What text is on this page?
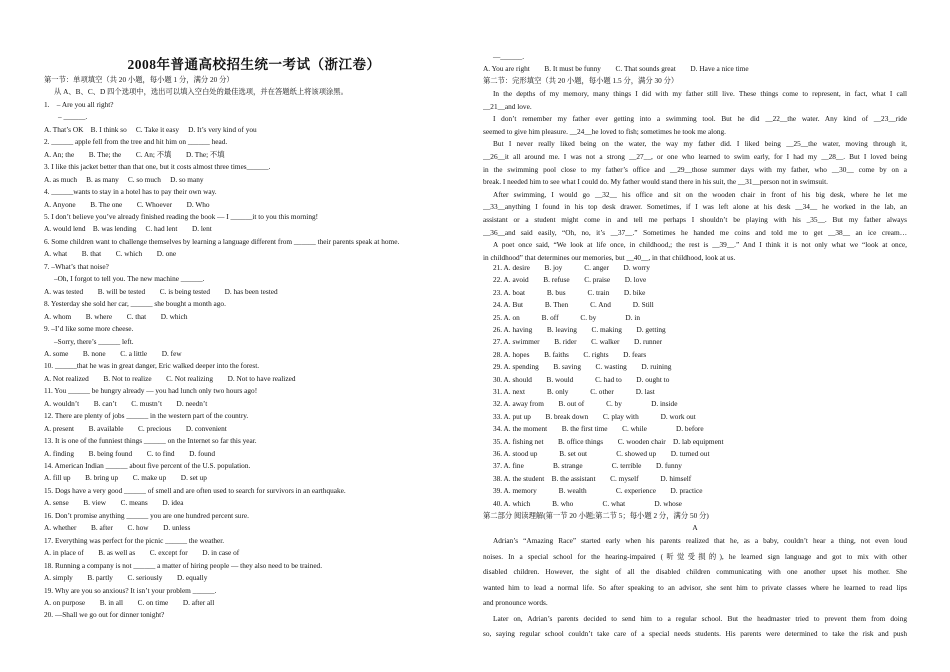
2008年普通高校招生统一考试（浙江卷）
第一节：单项填空（共 20 小题，每小题 1 分，满分 20 分）
从 A、B、C、D 四个选项中，选出可以填入空白处的最佳选项，并在答题纸上将该项涂黑。
1.　– Are you all right?
– ______.
A. That’s OK　B. I think so　 C. Take it easy　 D. It’s very kind of you
2. ______ apple fell from the tree and hit him on ______ head.
A. An; the　　B. The; the　　C. An; 不填　　D. The; 不填
3. I like this jacket better than that one, but it costs almost three times______.
A. as much　 B. as many　 C. so much　 D. so many
4. ______wants to stay in a hotel has to pay their own way.
A. Anyone　　B. The one　　C. Whoever　　D. Who
5. I don’t believe you’ve already finished reading the book — I ______it to you this morning!
A. would lend　B. was lending　 C. had lent　　D. lent
6. Some children want to challenge themselves by learning a language different from ______ their parents speak at home.
A. what　　B. that　　C. which　　D. one
7. –What’s that noise?
–Oh, I forgot to tell you. The new machine ______.
A. was tested　　B. will be tested　　C. is being tested　　D. has been tested
8. Yesterday she sold her car, ______ she bought a month ago.
A. whom　　B. where　　C. that　　D. which
9. –I’d like some more cheese.
–Sorry, there’s ______ left.
A. some　　B. none　　C. a little　　D. few
10. ______that he was in great danger, Eric walked deeper into the forest.
A. Not realized　　B. Not to realize　　C. Not realizing　　D. Not to have realized
11. You ______ be hungry already — you had lunch only two hours ago!
A. wouldn’t　　B. can’t　　C. mustn’t　　D. needn’t
12. There are plenty of jobs ______ in the western part of the country.
A. present　　B. available　　C. precious　　D. convenient
13. It is one of the funniest things ______ on the Internet so far this year.
A. finding　　B. being found　　C. to find　　D. found
14. American Indian ______ about five percent of the U.S. population.
A. fill up　　B. bring up　　C. make up　　D. set up
15. Dogs have a very good ______ of smell and are often used to search for survivors in an earthquake.
A. sense　　B. view　　C. means　　D. idea
16. Don’t promise anything ______ you are one hundred percent sure.
A. whether　　B. after　　C. how　　D. unless
17. Everything was perfect for the picnic ______ the weather.
A. in place of　　B. as well as　　C. except for　　D. in case of
18. Running a company is not ______ a matter of hiring people — they also need to be trained.
A. simply　　B. partly　　C. seriously　　D. equally
19. Why are you so anxious? It isn’t your problem ______.
A. on purpose　　B. in all　　C. on time　　D. after all
20. —Shall we go out for dinner tonight?
—______.
A. You are right　　B. It must be funny　　C. That sounds great　　D. Have a nice time
第二节：完形填空（共 20 小题，每小题 1.5 分，满分 30 分）
In the depths of my memory, many things I did with my father still live. These things come to represent, in fact, what I call
__21__and love.
I don’t remember my father ever getting into a swimming tool. But he did __22__the water. Any kind of __23__ride
seemed to give him pleasure. __24__he loved to fish; sometimes he took me along.
But I never really liked being on the water, the way my father did. I liked being __25__the water, moving through it,
__26__it all around me. I was not a strong __27__, or one who learned to swim early, for I had my __28__. But I loved being
in the swimming pool close to my father’s office and __29__those summer days with my father, who __30__ come by on a
break. I needed him to see what I could do. My father would stand there in his suit, the __31__person not in swimsuit.
After swimming, I would go __32__ his office and sit on the wooden chair in front of his big desk, where he let me
__33__anything I found in his top desk drawer. Sometimes, if I was left alone at his desk __34__ he worked in the lab, an
assistant or a student might come in and tell me perhaps I shouldn’t be playing with his _35__. But my father always
__36__and said easily, “Oh, no, it’s __37__.” Sometimes he handed me coins and told me to get __38__ an ice cream…
A poet once said, “We look at life once, in childhood,; the rest is __39__.” And I think it is not only what we “look at once,
in childhood” that determines our memories, but __40__, in that childhood, look at us.
21. A. desire　　B. joy　　　C. anger　　D. worry
22. A. avoid　　B. refuse　　C. praise　　D. love
23. A. boat　　　B. bus　　　C. train　　D. bike
24. A. But　　　B. Then　　　C. And　　　D. Still
25. A. on　　　B. off　　　C. by　　　　D. in
26. A. having　　B. leaving　　C. making　　D. getting
27. A. swimmer　　B. rider　　C. walker　　D. runner
28. A. hopes　　B. faiths　　C. rights　　D. fears
29. A. spending　　B. saving　　C. wasting　　D. ruining
30. A. should　　B. would　　　C. had to　　D. ought to
31. A. next　　　B. only　　　C. other　　　D. last
32. A. away from　　B. out of　　　C. by　　　　D. inside
33. A. put up　　B. break down　　C. play with　　　D. work out
34. A. the moment　　B. the first time　　C. while　　　　D. before
35. A. fishing net　　B. office things　　C. wooden chair　D. lab equipment
36. A. stood up　　　B. set out　　　　C. showed up　　D. turned out
37. A. fine　　　　B. strange　　　　C. terrible　　D. funny
38. A. the student　B. the assistant　　C. myself　　　D. himself
39. A. memory　　　B. wealth　　　　C. experience　　D. practice
40. A. which　　　B. who　　　　C. what　　　　D. whose
第二部分 阅读理解(第一节 20 小题;第二节 5；每小题 2 分，满分 50 分)
A
Adrian’s “Amazing Race” started early when his parents realized that he, as a baby, couldn’t hear a thing, not even loud
noises. In a special school for the hearing-impaired (听觉受损的), he learned sign language and got to mix with other
disabled children. However, the sight of all the disabled children communicating with one another upset his mother. She
wanted him to lead a normal life. So after speaking to an advisor, she sent him to private classes where he learned to read lips
and pronounce words.
Later on, Adrian’s parents decided to send him to a regular school. But the headmaster tried to prevent them from doing
so, saying regular school couldn’t take care of a special needs students. His parents were determined to take the risk and push
